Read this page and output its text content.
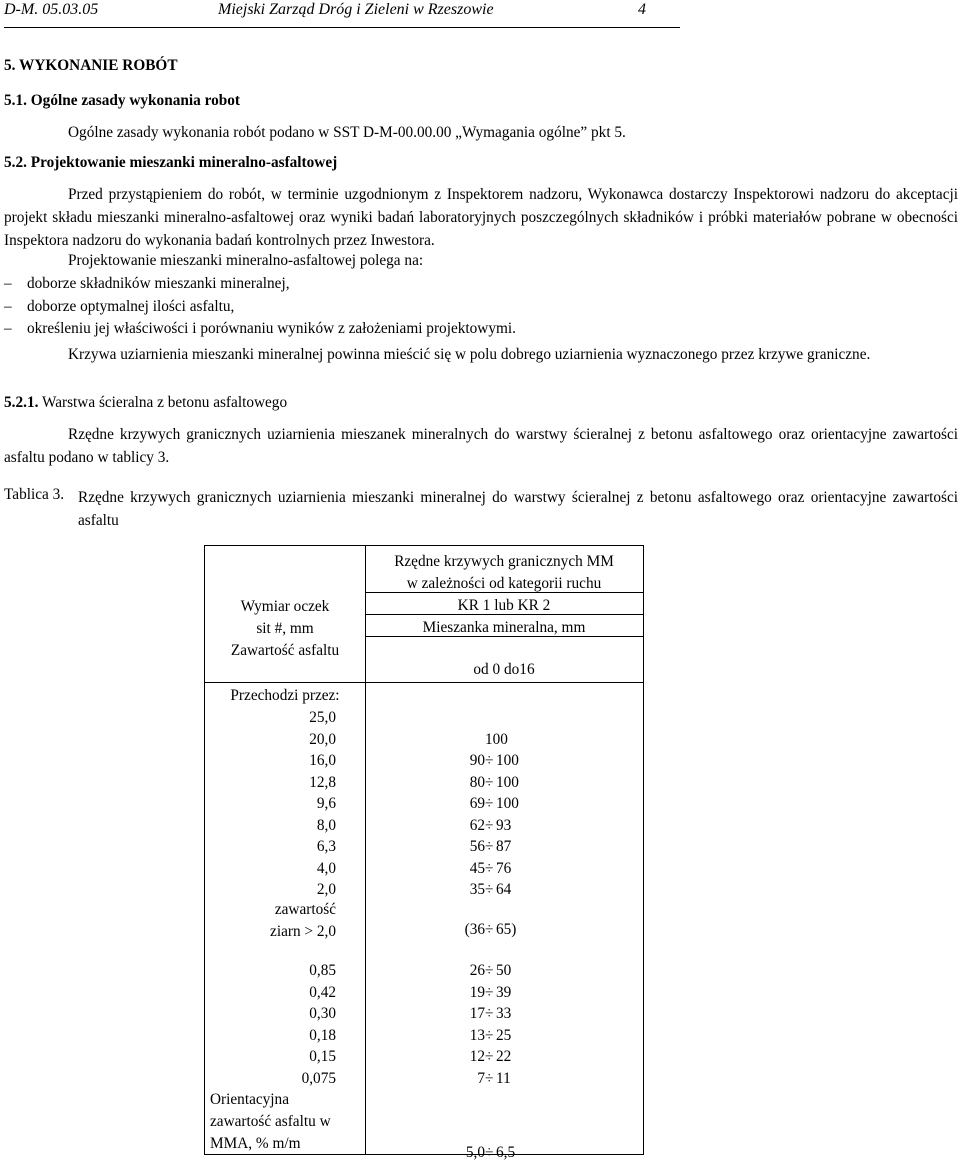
D-M. 05.03.05	Miejski Zarząd Dróg i Zieleni w Rzeszowie	4
5. WYKONANIE ROBÓT
5.1. Ogólne zasady wykonania robot
Ogólne zasady wykonania robót podano w SST D-M-00.00.00 „Wymagania ogólne” pkt 5.
5.2. Projektowanie mieszanki mineralno-asfaltowej
Przed przystąpieniem do robót, w terminie uzgodnionym z Inspektorem nadzoru, Wykonawca dostarczy Inspektorowi nadzoru do akceptacji projekt składu mieszanki mineralno-asfaltowej oraz wyniki badań laboratoryjnych poszczególnych składników i próbki materiałów pobrane w obecności Inspektora nadzoru do wykonania badań kontrolnych przez Inwestora.
Projektowanie mieszanki mineralno-asfaltowej polega na:
– doborze składników mieszanki mineralnej,
– doborze optymalnej ilości asfaltu,
– określeniu jej właściwości i porównaniu wyników z założeniami projektowymi.
Krzywa uziarnienia mieszanki mineralnej powinna mieścić się w polu dobrego uziarnienia wyznaczonego przez krzywe graniczne.
5.2.1. Warstwa ścieralna z betonu asfaltowego
Rzędne krzywych granicznych uziarnienia mieszanek mineralnych do warstwy ścieralnej z betonu asfaltowego oraz orientacyjne zawartości asfaltu podano w tablicy 3.
Tablica 3. Rzędne krzywych granicznych uziarnienia mieszanki mineralnej do warstwy ścieralnej z betonu asfaltowego oraz orientacyjne zawartości asfaltu
Wymiar oczek
sit #, mm
Zawartość asfaltu
Rzędne krzywych granicznych MM
w zależności od kategorii ruchu
KR 1 lub KR 2
Mieszanka mineralna, mm
od 0 do16
Przechodzi przez:
25,0
20,0
16,0
12,8
9,6
8,0
6,3
4,0
2,0
zawartość
ziarn > 2,0
0,85
0,42
0,30
0,18
0,15
0,075
Orientacyjna
zawartość asfaltu w
MMA, % m/m
100
90 ÷ 100
80 ÷ 100
69 ÷ 100
62 ÷ 93
56 ÷ 87
45 ÷ 76
35 ÷ 64
(36 ÷ 65)
26 ÷ 50
19 ÷ 39
17 ÷ 33
13 ÷ 25
12 ÷ 22
7 ÷ 11
5,0 ÷ 6,5
